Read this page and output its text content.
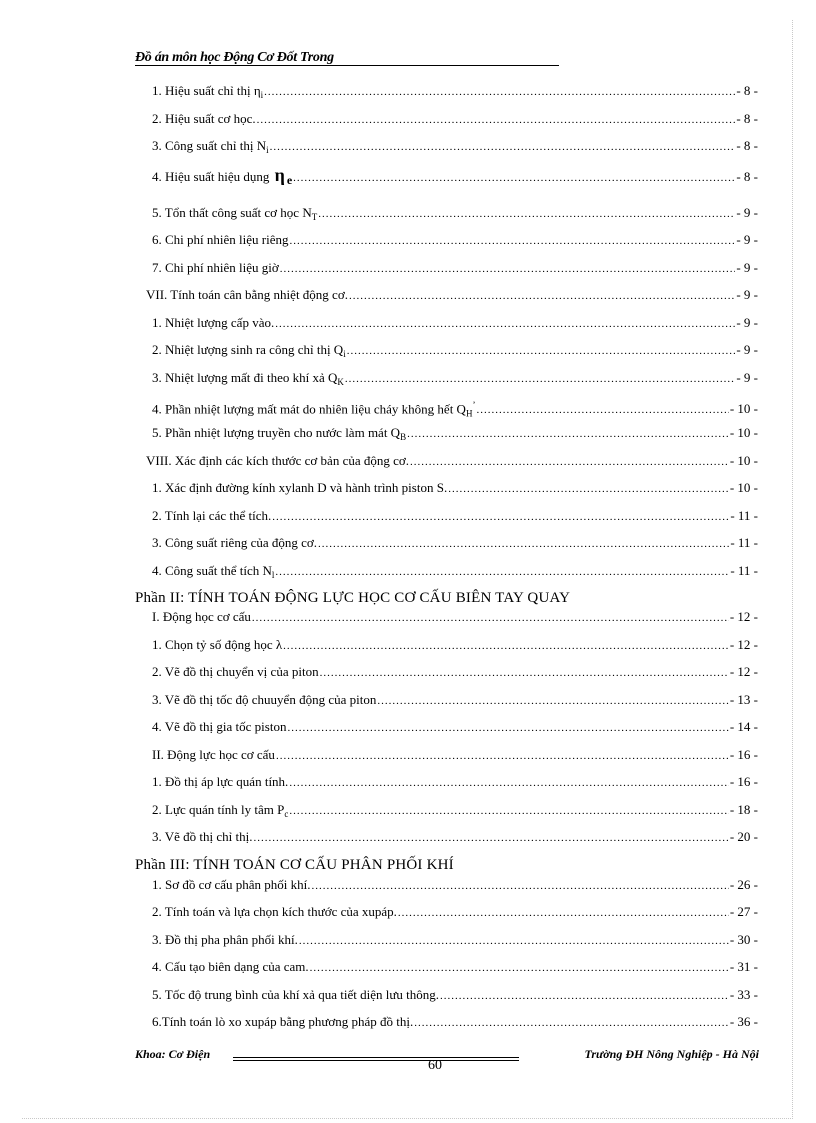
Đồ án môn học Động Cơ Đốt Trong
1. Hiệu suất chỉ thị $\eta_i$ .....	- 8 -
2. Hiệu suất cơ học. .....	- 8 -
3. Công suất chỉ thị $N_i$ .....	- 8 -
4. Hiệu suất hiệu dụng η $_e$ .....	- 8 -
5. Tổn thất công suất cơ học $N_T$ .....	- 9 -
6. Chi phí nhiên liệu riêng .....	- 9 -
7. Chi phí nhiên liệu giờ .....	- 9 -
VII. Tính toán cân bằng nhiệt động cơ. .....	- 9 -
1. Nhiệt lượng cấp vào. .....	- 9 -
2. Nhiệt lượng sinh ra công chỉ thị $Q_i$ .....	- 9 -
3. Nhiệt lượng mất đi theo khí xả $Q_K$ .....	- 9 -
4. Phần nhiệt lượng mất mát do nhiên liệu cháy không hết $Q_H^’$ .....	- 10 -
5. Phần nhiệt lượng truyền cho nước làm mát $Q_B$ .....	- 10 -
VIII. Xác định các kích thước cơ bản của động cơ. .....	- 10 -
1. Xác định đường kính xylanh D và hành trình piston S. .....	- 10 -
2. Tính lại các thể tích. .....	- 11 -
3. Công suất riêng của động cơ. .....	- 11 -
4. Công suất thể tích $N_l$ .....	- 11 -
Phần II: TÍNH TOÁN ĐỘNG LỰC HỌC CƠ CẤU BIÊN TAY QUAY
I. Động học cơ cấu .....	- 12 -
1. Chọn tỷ số động học λ .....	- 12 -
2. Vẽ đồ thị chuyển vị của piton .....	- 12 -
3. Vẽ đồ thị tốc độ chuuyển động của piton .....	- 13 -
4. Vẽ đồ thị gia tốc piston .....	- 14 -
II. Động lực học cơ cấu .....	- 16 -
1. Đồ thị áp lực quán tính. .....	- 16 -
2. Lực quán tính ly tâm $P_c$ .....	- 18 -
3. Vẽ đồ thị chỉ thị. .....	- 20 -
Phần III: TÍNH TOÁN CƠ CẤU PHÂN PHỐI KHÍ
1. Sơ đồ cơ cấu phân phối khí. .....	- 26 -
2. Tính toán và lựa chọn kích thước của xupáp. .....	- 27 -
3. Đồ thị pha phân phối khí. .....	- 30 -
4. Cấu tạo biên dạng của cam. .....	- 31 -
5. Tốc độ trung bình của khí xả qua tiết diện lưu thông. .....	- 33 -
6.Tính toán lò xo xupáp bằng phương pháp đồ thị. .....	- 36 -
Khoa: Cơ Điện	Trường ĐH Nông Nghiệp - Hà Nội
60
